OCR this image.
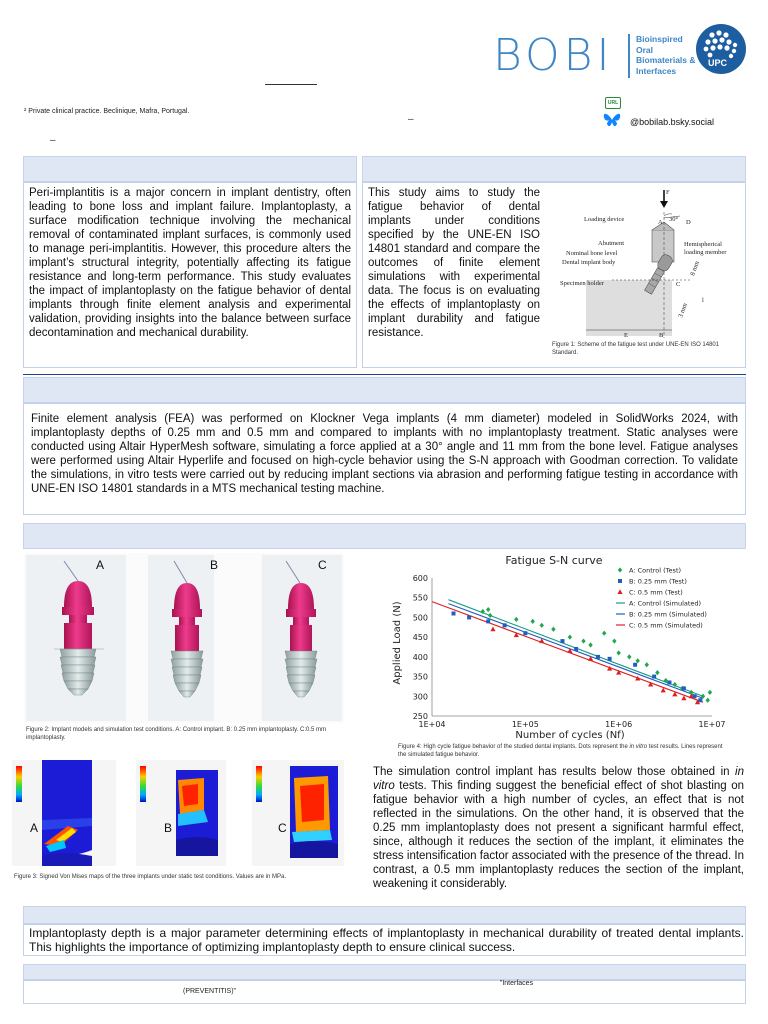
² Private clinical practice. Beclinique, Mafra, Portugal.
–
–
BOBI	Bioinspired
Oral
Biomaterials &
Interfaces
UPC
URL
@bobilab.bsky.social
Peri-implantitis is a major concern in implant dentistry, often leading to bone loss and implant failure. Implantoplasty, a surface modification technique involving the mechanical removal of contaminated implant surfaces, is commonly used to manage peri-implantitis. However, this procedure alters the implant’s structural integrity, potentially affecting its fatigue resistance and long-term performance. This study evaluates the impact of implantoplasty on the fatigue behavior of dental implants through finite element analysis and experimental validation, providing insights into the balance between surface decontamination and mechanical durability.
This study aims to study the fatigue behavior of dental implants under conditions specified by the UNE-EN ISO 14801 standard and compare the outcomes of finite element simulations with experimental data. The focus is on evaluating the effects of implantoplasty on implant durability and fatigue resistance.
F
Loading device
Abutment
Nominal bone level
Dental implant body
Specimen holder
Hemispherical
loading member
30°
A
B
C
D
E
8 mm
3 mm
l
Figure 1: Scheme of the fatigue test under UNE-EN ISO 14801 Standard.
Finite element analysis (FEA) was performed on Klockner Vega implants (4 mm diameter) modeled in SolidWorks 2024, with implantoplasty depths of 0.25 mm and 0.5 mm and compared to implants with no implantoplasty treatment. Static analyses were conducted using Altair HyperMesh software, simulating a force applied at a 30° angle and 11 mm from the bone level. Fatigue analyses were performed using Altair Hyperlife and focused on high-cycle behavior using the S-N approach with Goodman correction. To validate the simulations, in vitro tests were carried out by reducing implant sections via abrasion and performing fatigue testing in accordance with UNE-EN ISO 14801 standards in a MTS mechanical testing machine.
A	B	C
Figure 2: Implant models and simulation test conditions. A: Control implant. B: 0.25 mm implantoplasty. C:0.5 mm implantoplasty.
A	B	C
Figure 3: Signed Von Mises maps of the three implants under static test conditions. Values are in MPa.
Fatigue S-N curve
Number of cycles (Nf)
Applied Load (N)
250
300
350
400
450
500
550
600
1E+04	1E+05	1E+06	1E+07
A: Control (Test)
B: 0.25 mm (Test)
C: 0.5 mm (Test)
A: Control (Simulated)
B: 0.25 mm (Simulated)
C: 0.5 mm (Simulated)
Figure 4: High cycle fatigue behavior of the studied dental implants. Dots represent the in vitro test results. Lines represent the simulated fatigue behavior.
The simulation control implant has results below those obtained in in vitro tests. This finding suggest the beneficial effect of shot blasting on fatigue behavior with a high number of cycles, an effect that is not reflected in the simulations. On the other hand, it is observed that the 0.25 mm implantoplasty does not present a significant harmful effect, since, although it reduces the section of the implant, it eliminates the stress intensification factor associated with the presence of the thread. In contrast, a 0.5 mm implantoplasty reduces the section of the implant, weakening it considerably.
Implantoplasty depth is a major parameter determining effects of implantoplasty in mechanical durability of treated dental implants. This highlights the importance of optimizing implantoplasty depth to ensure clinical success.
(PREVENTITIS)”
”Interfaces
